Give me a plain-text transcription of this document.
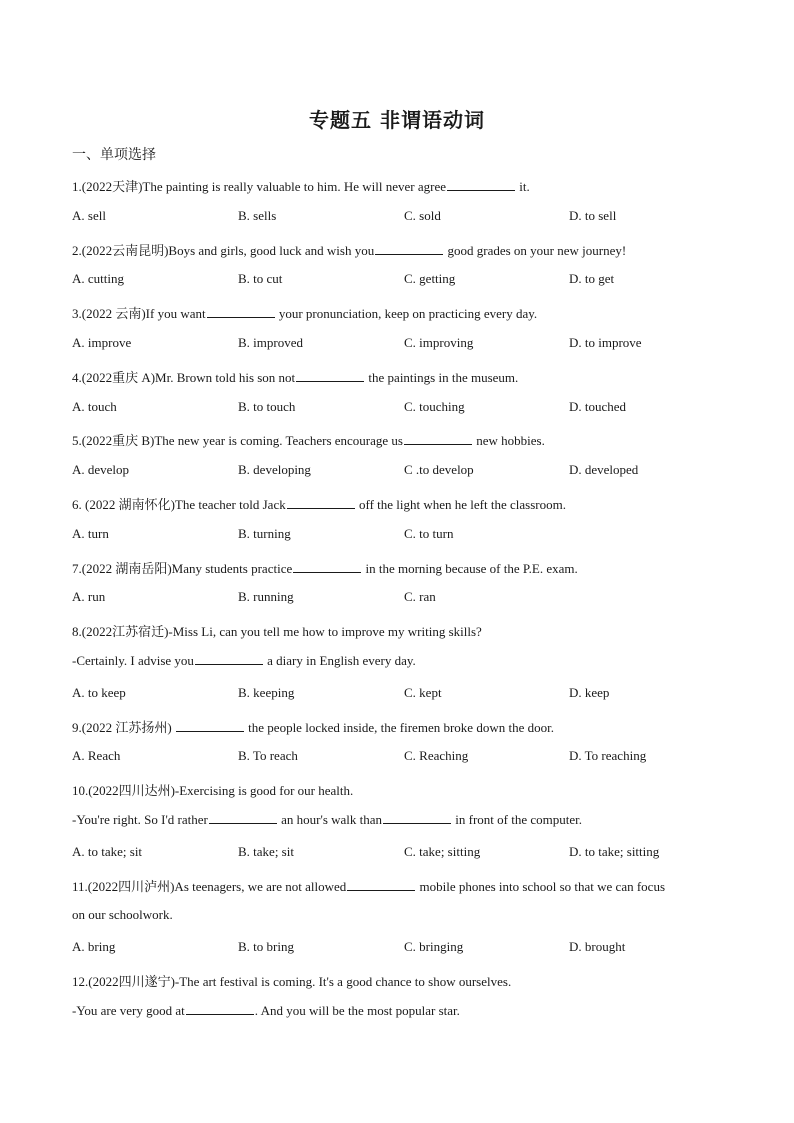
专题五 非谓语动词
一、单项选择
1.(2022天津)The painting is really valuable to him. He will never agree	it.
A. sell	B. sells	C. sold	D. to sell
2.(2022云南昆明)Boys and girls, good luck and wish you	good grades on your new journey!
A. cutting	B. to cut	C. getting	D. to get
3.(2022 云南)If you want	your pronunciation, keep on practicing every day.
A. improve	B. improved	C. improving	D. to improve
4.(2022重庆 A)Mr. Brown told his son not	the paintings in the museum.
A. touch	B. to touch	C. touching	D. touched
5.(2022重庆 B)The new year is coming. Teachers encourage us	new hobbies.
A. develop	B. developing	C .to develop	D. developed
6. (2022 湖南怀化)The teacher told Jack	off the light when he left the classroom.
A. turn	B. turning	C. to turn
7.(2022 湖南岳阳)Many students practice	in the morning because of the P.E. exam.
A. run	B. running	C. ran
8.(2022江苏宿迁)-Miss Li, can you tell me how to improve my writing skills?
-Certainly. I advise you	a diary in English every day.
A. to keep	B. keeping	C. kept	D. keep
9.(2022 江苏扬州)	the people locked inside, the firemen broke down the door.
A. Reach	B. To reach	C. Reaching	D. To reaching
10.(2022四川达州)-Exercising is good for our health.
-You're right. So I'd rather	an hour's walk than	in front of the computer.
A. to take; sit	B. take; sit	C. take; sitting	D. to take; sitting
11.(2022四川泸州)As teenagers, we are not allowed	mobile phones into school so that we can focus
on our schoolwork.
A. bring	B. to bring	C. bringing	D. brought
12.(2022四川遂宁)-The art festival is coming. It's a good chance to show ourselves.
-You are very good at	. And you will be the most popular star.
